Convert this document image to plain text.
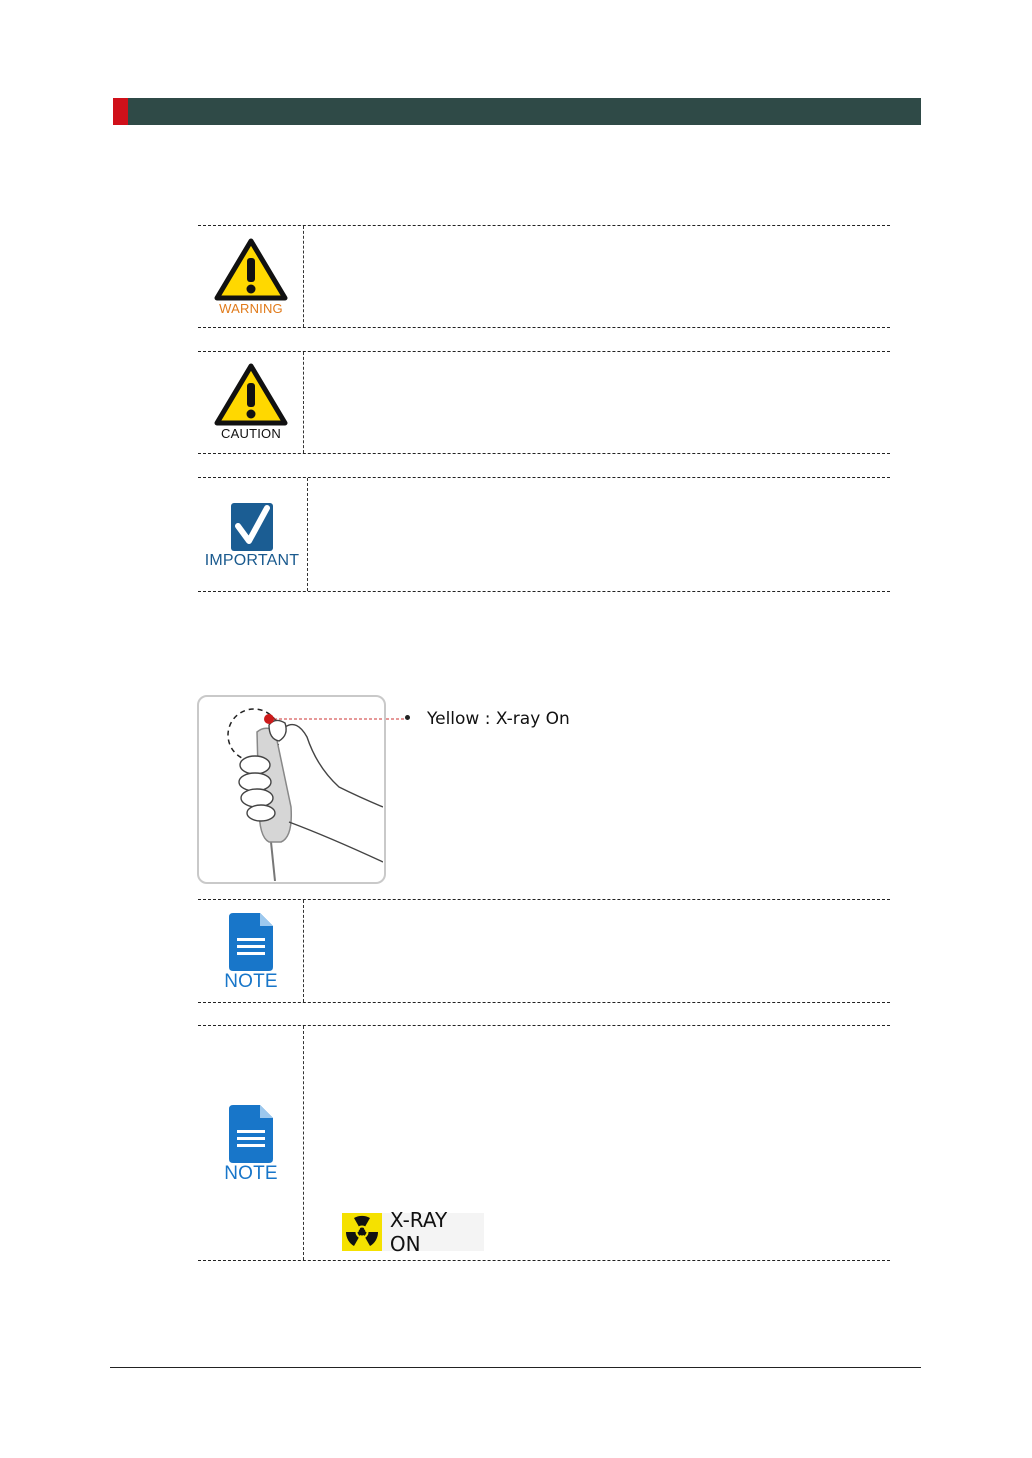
WARNING
CAUTION
IMPORTANT
Yellow : X-ray On
NOTE
NOTE
X-RAY ON
